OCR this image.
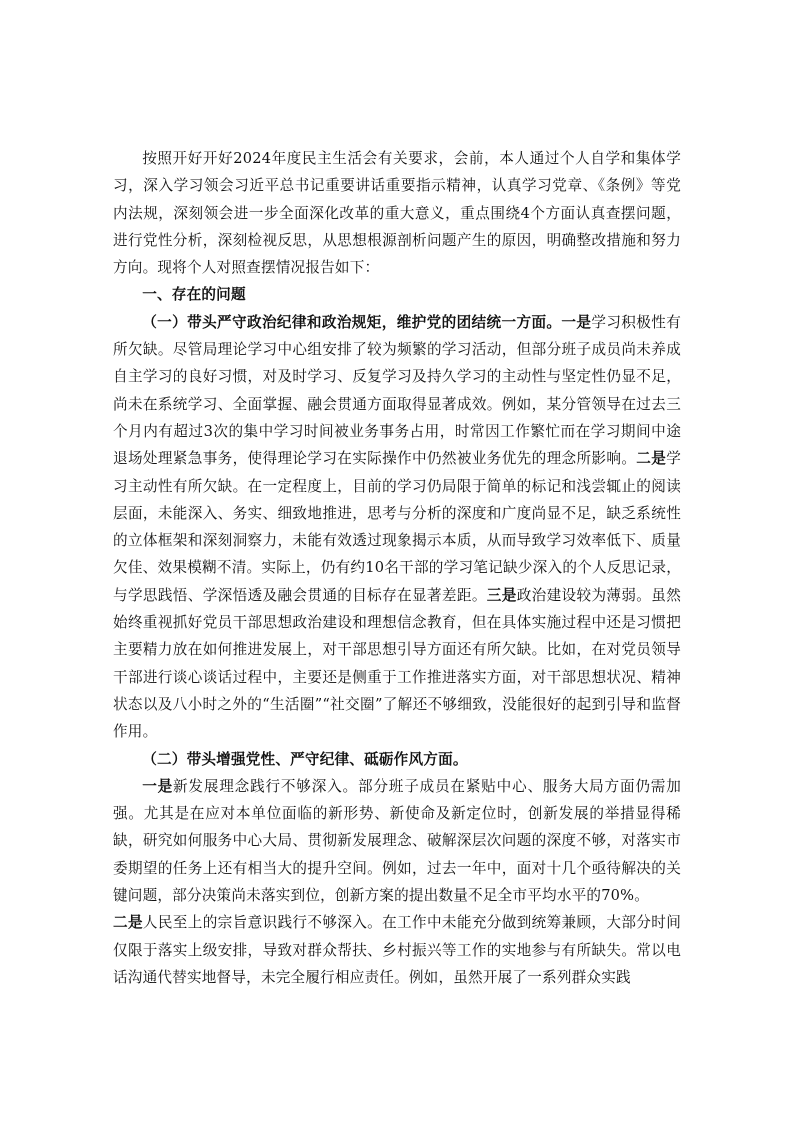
按照开好开好2024年度民主生活会有关要求，会前，本人通过个人自学和集体学习，深入学习领会习近平总书记重要讲话重要指示精神，认真学习党章、《条例》等党内法规，深刻领会进一步全面深化改革的重大意义，重点围绕4个方面认真查摆问题，进行党性分析，深刻检视反思，从思想根源剖析问题产生的原因，明确整改措施和努力方向。现将个人对照查摆情况报告如下：

一、存在的问题

（一）带头严守政治纪律和政治规矩，维护党的团结统一方面。一是学习积极性有所欠缺。尽管局理论学习中心组安排了较为频繁的学习活动，但部分班子成员尚未养成自主学习的良好习惯，对及时学习、反复学习及持久学习的主动性与坚定性仍显不足，尚未在系统学习、全面掌握、融会贯通方面取得显著成效。例如，某分管领导在过去三个月内有超过3次的集中学习时间被业务事务占用，时常因工作繁忙而在学习期间中途退场处理紧急事务，使得理论学习在实际操作中仍然被业务优先的理念所影响。二是学习主动性有所欠缺。在一定程度上，目前的学习仍局限于简单的标记和浅尝辄止的阅读层面，未能深入、务实、细致地推进，思考与分析的深度和广度尚显不足，缺乏系统性的立体框架和深刻洞察力，未能有效透过现象揭示本质，从而导致学习效率低下、质量欠佳、效果模糊不清。实际上，仍有约10名干部的学习笔记缺少深入的个人反思记录，与学思践悟、学深悟透及融会贯通的目标存在显著差距。三是政治建设较为薄弱。虽然始终重视抓好党员干部思想政治建设和理想信念教育，但在具体实施过程中还是习惯把主要精力放在如何推进发展上，对干部思想引导方面还有所欠缺。比如，在对党员领导干部进行谈心谈话过程中，主要还是侧重于工作推进落实方面，对干部思想状况、精神状态以及八小时之外的“生活圈”“社交圈”了解还不够细致，没能很好的起到引导和监督作用。

（二）带头增强党性、严守纪律、砥砺作风方面。

一是新发展理念践行不够深入。部分班子成员在紧贴中心、服务大局方面仍需加强。尤其是在应对本单位面临的新形势、新使命及新定位时，创新发展的举措显得稀缺，研究如何服务中心大局、贯彻新发展理念、破解深层次问题的深度不够，对落实市委期望的任务上还有相当大的提升空间。例如，过去一年中，面对十几个亟待解决的关键问题，部分决策尚未落实到位，创新方案的提出数量不足全市平均水平的70%。
二是人民至上的宗旨意识践行不够深入。在工作中未能充分做到统筹兼顾，大部分时间仅限于落实上级安排，导致对群众帮扶、乡村振兴等工作的实地参与有所缺失。常以电话沟通代替实地督导，未完全履行相应责任。例如，虽然开展了一系列群众实践
